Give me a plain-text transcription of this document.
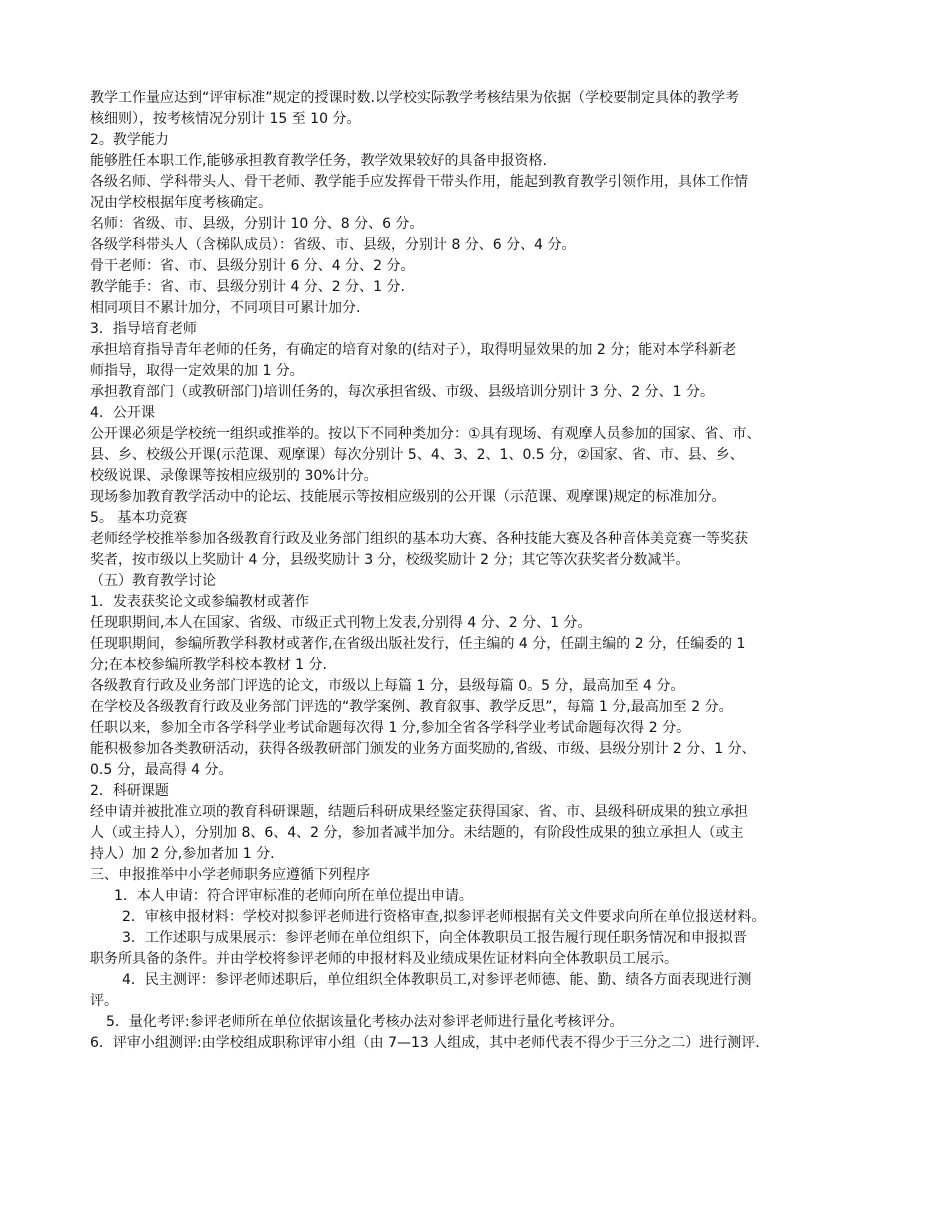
教学工作量应达到“评审标准”规定的授课时数.以学校实际教学考核结果为依据（学校要制定具体的教学考
核细则），按考核情况分别计 15 至 10 分。
2。教学能力
能够胜任本职工作,能够承担教育教学任务，教学效果较好的具备申报资格.
各级名师、学科带头人、骨干老师、教学能手应发挥骨干带头作用，能起到教育教学引领作用，具体工作情
况由学校根据年度考核确定。
名师：省级、市、县级，分别计 10 分、8 分、6 分。
各级学科带头人（含梯队成员）：省级、市、县级，分别计 8 分、6 分、4 分。
骨干老师：省、市、县级分别计 6 分、4 分、2 分。
教学能手：省、市、县级分别计 4 分、2 分、1 分.
相同项目不累计加分，不同项目可累计加分.
3．指导培育老师
承担培育指导青年老师的任务，有确定的培育对象的(结对子），取得明显效果的加 2 分；能对本学科新老
师指导，取得一定效果的加 1 分。
承担教育部门（或教研部门)培训任务的，每次承担省级、市级、县级培训分别计 3 分、2 分、1 分。
4．公开课
公开课必须是学校统一组织或推举的。按以下不同种类加分：①具有现场、有观摩人员参加的国家、省、市、
县、乡、校级公开课(示范课、观摩课）每次分别计 5、4、3、2、1、0.5 分，②国家、省、市、县、乡、
校级说课、录像课等按相应级别的 30%计分。
现场参加教育教学活动中的论坛、技能展示等按相应级别的公开课（示范课、观摩课)规定的标准加分。
5。 基本功竞赛
老师经学校推举参加各级教育行政及业务部门组织的基本功大赛、各种技能大赛及各种音体美竞赛一等奖获
奖者，按市级以上奖励计 4 分，县级奖励计 3 分，校级奖励计 2 分；其它等次获奖者分数减半。
（五）教育教学讨论
1．发表获奖论文或参编教材或著作
任现职期间,本人在国家、省级、市级正式刊物上发表,分别得 4 分、2 分、1 分。
任现职期间，参编所教学科教材或著作,在省级出版社发行，任主编的 4 分，任副主编的 2 分，任编委的 1
分;在本校参编所教学科校本教材 1 分.
各级教育行政及业务部门评选的论文，市级以上每篇 1 分，县级每篇 0。5 分，最高加至 4 分。
在学校及各级教育行政及业务部门评选的“教学案例、教育叙事、教学反思”，每篇 1 分,最高加至 2 分。
任职以来，参加全市各学科学业考试命题每次得 1 分,参加全省各学科学业考试命题每次得 2 分。
能积极参加各类教研活动，获得各级教研部门颁发的业务方面奖励的,省级、市级、县级分别计 2 分、1 分、
0.5 分，最高得 4 分。
2．科研课题
经申请并被批准立项的教育科研课题，结题后科研成果经鉴定获得国家、省、市、县级科研成果的独立承担
人（或主持人），分别加 8、6、4、2 分，参加者减半加分。未结题的，有阶段性成果的独立承担人（或主
持人）加 2 分,参加者加 1 分.
三、申报推举中小学老师职务应遵循下列程序
1．本人申请：符合评审标准的老师向所在单位提出申请。
2．审核申报材料：学校对拟参评老师进行资格审查,拟参评老师根据有关文件要求向所在单位报送材料。
3．工作述职与成果展示：参评老师在单位组织下，向全体教职员工报告履行现任职务情况和申报拟晋
职务所具备的条件。并由学校将参评老师的申报材料及业绩成果佐证材料向全体教职员工展示。
4．民主测评：参评老师述职后，单位组织全体教职员工,对参评老师德、能、勤、绩各方面表现进行测
评。
5．量化考评:参评老师所在单位依据该量化考核办法对参评老师进行量化考核评分。
6．评审小组测评:由学校组成职称评审小组（由 7—13 人组成，其中老师代表不得少于三分之二）进行测评.
